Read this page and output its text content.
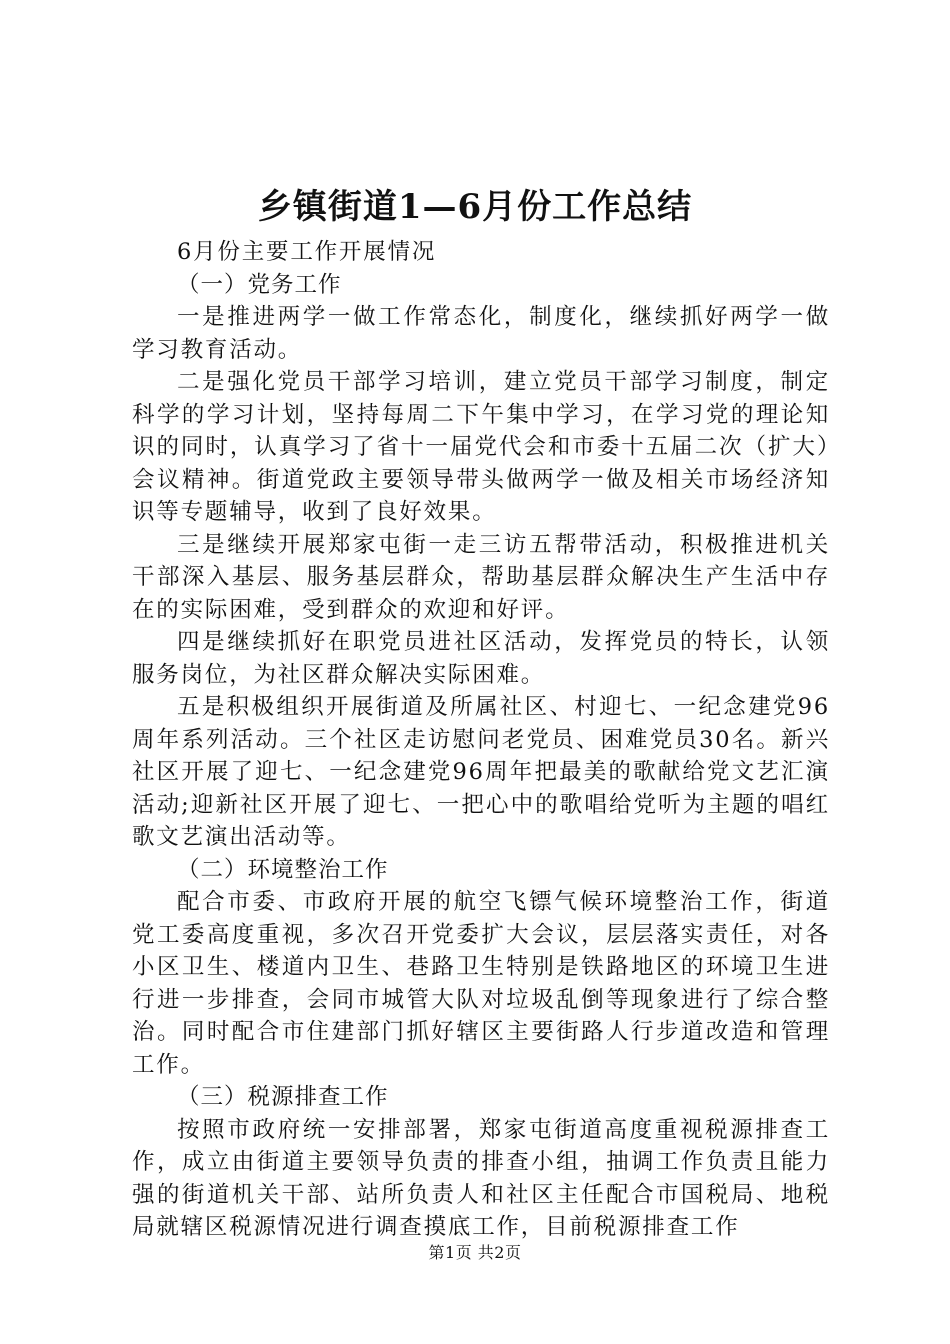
乡镇街道1—6月份工作总结

6月份主要工作开展情况

（一）党务工作

一是推进两学一做工作常态化，制度化，继续抓好两学一做学习教育活动。

二是强化党员干部学习培训，建立党员干部学习制度，制定科学的学习计划，坚持每周二下午集中学习，在学习党的理论知识的同时，认真学习了省十一届党代会和市委十五届二次（扩大）会议精神。街道党政主要领导带头做两学一做及相关市场经济知识等专题辅导，收到了良好效果。

三是继续开展郑家屯街一走三访五帮带活动，积极推进机关干部深入基层、服务基层群众，帮助基层群众解决生产生活中存在的实际困难，受到群众的欢迎和好评。

四是继续抓好在职党员进社区活动，发挥党员的特长，认领服务岗位，为社区群众解决实际困难。

五是积极组织开展街道及所属社区、村迎七、一纪念建党96周年系列活动。三个社区走访慰问老党员、困难党员30名。新兴社区开展了迎七、一纪念建党96周年把最美的歌献给党文艺汇演活动;迎新社区开展了迎七、一把心中的歌唱给党听为主题的唱红歌文艺演出活动等。

（二）环境整治工作

配合市委、市政府开展的航空飞镖气候环境整治工作，街道党工委高度重视，多次召开党委扩大会议，层层落实责任，对各小区卫生、楼道内卫生、巷路卫生特别是铁路地区的环境卫生进行进一步排查，会同市城管大队对垃圾乱倒等现象进行了综合整治。同时配合市住建部门抓好辖区主要街路人行步道改造和管理工作。

（三）税源排查工作

按照市政府统一安排部署，郑家屯街道高度重视税源排查工作，成立由街道主要领导负责的排查小组，抽调工作负责且能力强的街道机关干部、站所负责人和社区主任配合市国税局、地税局就辖区税源情况进行调查摸底工作，目前税源排查工作

第1页 共2页
